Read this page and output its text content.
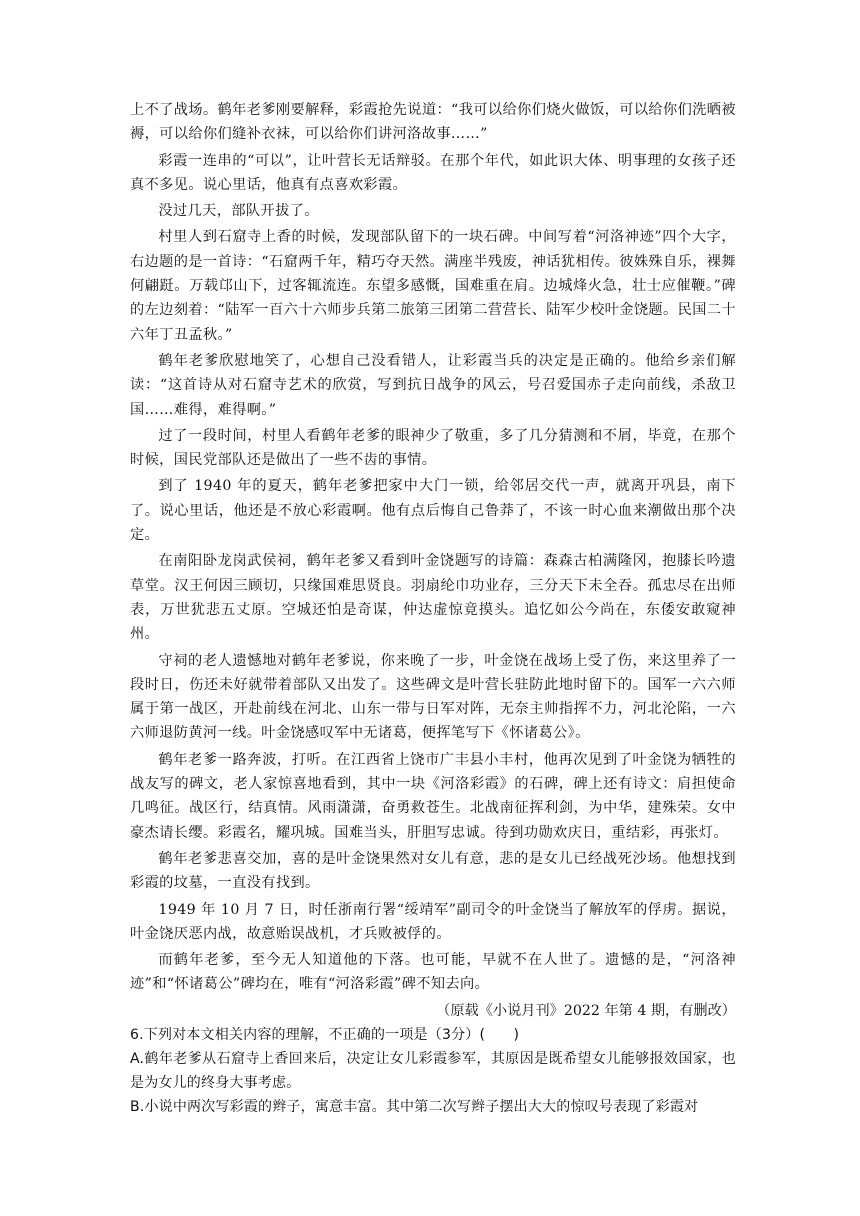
上不了战场。鹤年老爹刚要解释，彩霞抢先说道：“我可以给你们烧火做饭，可以给你们洗晒被褥，可以给你们缝补衣袜，可以给你们讲河洛故事……”

彩霞一连串的“可以”，让叶营长无话辩驳。在那个年代，如此识大体、明事理的女孩子还真不多见。说心里话，他真有点喜欢彩霞。

没过几天，部队开拔了。

村里人到石窟寺上香的时候，发现部队留下的一块石碑。中间写着“河洛神迹”四个大字，右边题的是一首诗：“石窟两千年，精巧夺天然。满座半残废，神话犹相传。彼姝殊自乐，裸舞何翩跹。万载邙山下，过客辄流连。东望多感慨，国难重在肩。边城烽火急，壮士应催鞭。”碑的左边刻着：“陆军一百六十六师步兵第二旅第三团第二营营长、陆军少校叶金饶题。民国二十六年丁丑孟秋。”

鹤年老爹欣慰地笑了，心想自己没看错人，让彩霞当兵的决定是正确的。他给乡亲们解读：“这首诗从对石窟寺艺术的欣赏，写到抗日战争的风云，号召爱国赤子走向前线，杀敌卫国……难得，难得啊。”

过了一段时间，村里人看鹤年老爹的眼神少了敬重，多了几分猜测和不屑，毕竟，在那个时候，国民党部队还是做出了一些不齿的事情。

到了 1940 年的夏天，鹤年老爹把家中大门一锁，给邻居交代一声，就离开巩县，南下了。说心里话，他还是不放心彩霞啊。他有点后悔自己鲁莽了，不该一时心血来潮做出那个决定。

在南阳卧龙岗武侯祠，鹤年老爹又看到叶金饶题写的诗篇：森森古柏满隆冈，抱膝长吟遗草堂。汉王何因三顾切，只缘国难思贤良。羽扇纶巾功业存，三分天下未全吞。孤忠尽在出师表，万世犹悲五丈原。空城还怕是奇谋，仲达虚惊竟摸头。追忆如公今尚在，东倭安敢窥神州。

守祠的老人遗憾地对鹤年老爹说，你来晚了一步，叶金饶在战场上受了伤，来这里养了一段时日，伤还未好就带着部队又出发了。这些碑文是叶营长驻防此地时留下的。国军一六六师属于第一战区，开赴前线在河北、山东一带与日军对阵，无奈主帅指挥不力，河北沦陷，一六六师退防黄河一线。叶金饶感叹军中无诸葛，便挥笔写下《怀诸葛公》。

鹤年老爹一路奔波，打听。在江西省上饶市广丰县小丰村，他再次见到了叶金饶为牺牲的战友写的碑文，老人家惊喜地看到，其中一块《河洛彩霞》的石碑，碑上还有诗文：肩担使命几鸣征。战区行，结真情。风雨潇潇，奋勇救苍生。北战南征挥利剑，为中华，建殊荣。女中豪杰请长缨。彩霞名，耀巩城。国难当头，肝胆写忠诚。待到功勋欢庆日，重结彩，再张灯。

鹤年老爹悲喜交加，喜的是叶金饶果然对女儿有意，悲的是女儿已经战死沙场。他想找到彩霞的坟墓，一直没有找到。

1949 年 10 月 7 日，时任浙南行署“绥靖军”副司令的叶金饶当了解放军的俘虏。据说，叶金饶厌恶内战，故意贻误战机，才兵败被俘的。

而鹤年老爹，至今无人知道他的下落。也可能，早就不在人世了。遗憾的是，“河洛神迹”和“怀诸葛公”碑均在，唯有“河洛彩霞”碑不知去向。

（原载《小说月刊》2022 年第 4 期，有删改）

6.下列对本文相关内容的理解，不正确的一项是（3分）(　　)

A.鹤年老爹从石窟寺上香回来后，决定让女儿彩霞参军，其原因是既希望女儿能够报效国家，也是为女儿的终身大事考虑。

B.小说中两次写彩霞的辫子，寓意丰富。其中第二次写辫子摆出大大的惊叹号表现了彩霞对
